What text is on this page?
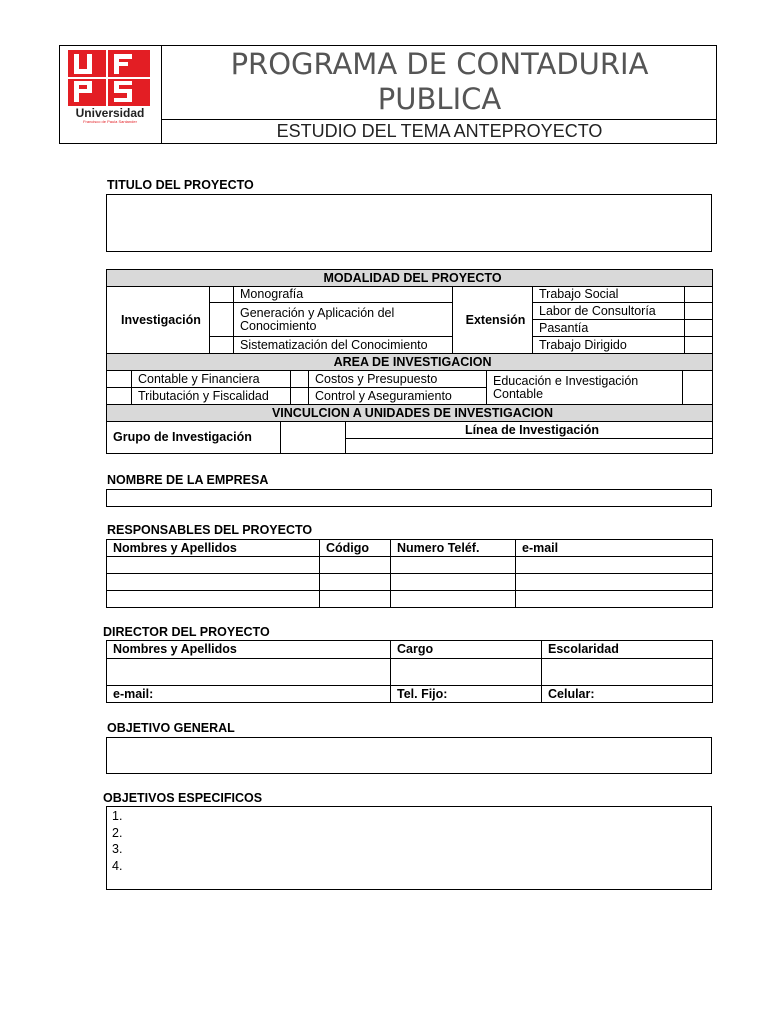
Universidad
Francisco de Paula Santander
PROGRAMA DE CONTADURIA
PUBLICA
ESTUDIO DEL TEMA ANTEPROYECTO
TITULO DEL PROYECTO
MODALIDAD DEL PROYECTO					
Investigación		Monografía	Extensión	Trabajo Social	
		Generación y Aplicación del Conocimiento		Labor de Consultoría	
				Pasantía	
		Sistematización del Conocimiento		Trabajo Dirigido	
AREA DE INVESTIGACION					
	Contable y Financiera		Costos y Presupuesto	Educación e Investigación Contable	
	Tributación y Fiscalidad		Control y Aseguramiento		
VINCULCION A UNIDADES DE INVESTIGACION
Grupo de Investigación		Línea de Investigación

NOMBRE DE LA EMPRESA
RESPONSABLES DEL PROYECTO
Nombres y Apellidos	Código	Numero Teléf.	e-mail

DIRECTOR DEL PROYECTO
Nombres y Apellidos	Cargo	Escolaridad

e-mail:	Tel. Fijo:	Celular:
OBJETIVO GENERAL
OBJETIVOS ESPECIFICOS
1.
2.
3.
4.
